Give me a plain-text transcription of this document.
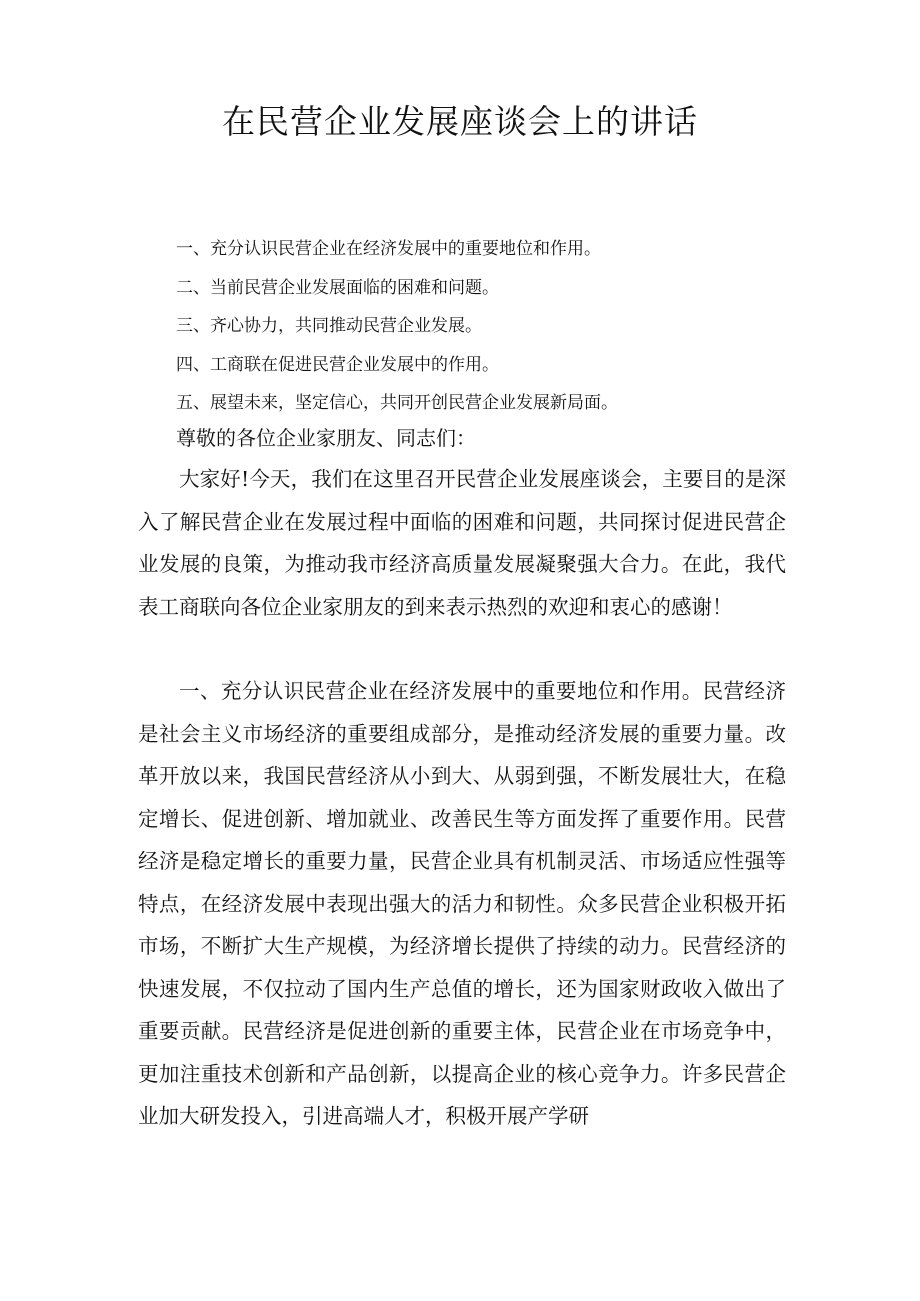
在民营企业发展座谈会上的讲话
一、充分认识民营企业在经济发展中的重要地位和作用。
二、当前民营企业发展面临的困难和问题。
三、齐心协力，共同推动民营企业发展。
四、工商联在促进民营企业发展中的作用。
五、展望未来，坚定信心，共同开创民营企业发展新局面。

尊敬的各位企业家朋友、同志们：

大家好!今天，我们在这里召开民营企业发展座谈会，主要目的是深入了解民营企业在发展过程中面临的困难和问题，共同探讨促进民营企业发展的良策，为推动我市经济高质量发展凝聚强大合力。在此，我代表工商联向各位企业家朋友的到来表示热烈的欢迎和衷心的感谢！

一、充分认识民营企业在经济发展中的重要地位和作用。民营经济是社会主义市场经济的重要组成部分，是推动经济发展的重要力量。改革开放以来，我国民营经济从小到大、从弱到强，不断发展壮大，在稳定增长、促进创新、增加就业、改善民生等方面发挥了重要作用。民营经济是稳定增长的重要力量，民营企业具有机制灵活、市场适应性强等特点，在经济发展中表现出强大的活力和韧性。众多民营企业积极开拓市场，不断扩大生产规模，为经济增长提供了持续的动力。民营经济的快速发展，不仅拉动了国内生产总值的增长，还为国家财政收入做出了重要贡献。民营经济是促进创新的重要主体，民营企业在市场竞争中，更加注重技术创新和产品创新，以提高企业的核心竞争力。许多民营企业加大研发投入，引进高端人才，积极开展产学研
